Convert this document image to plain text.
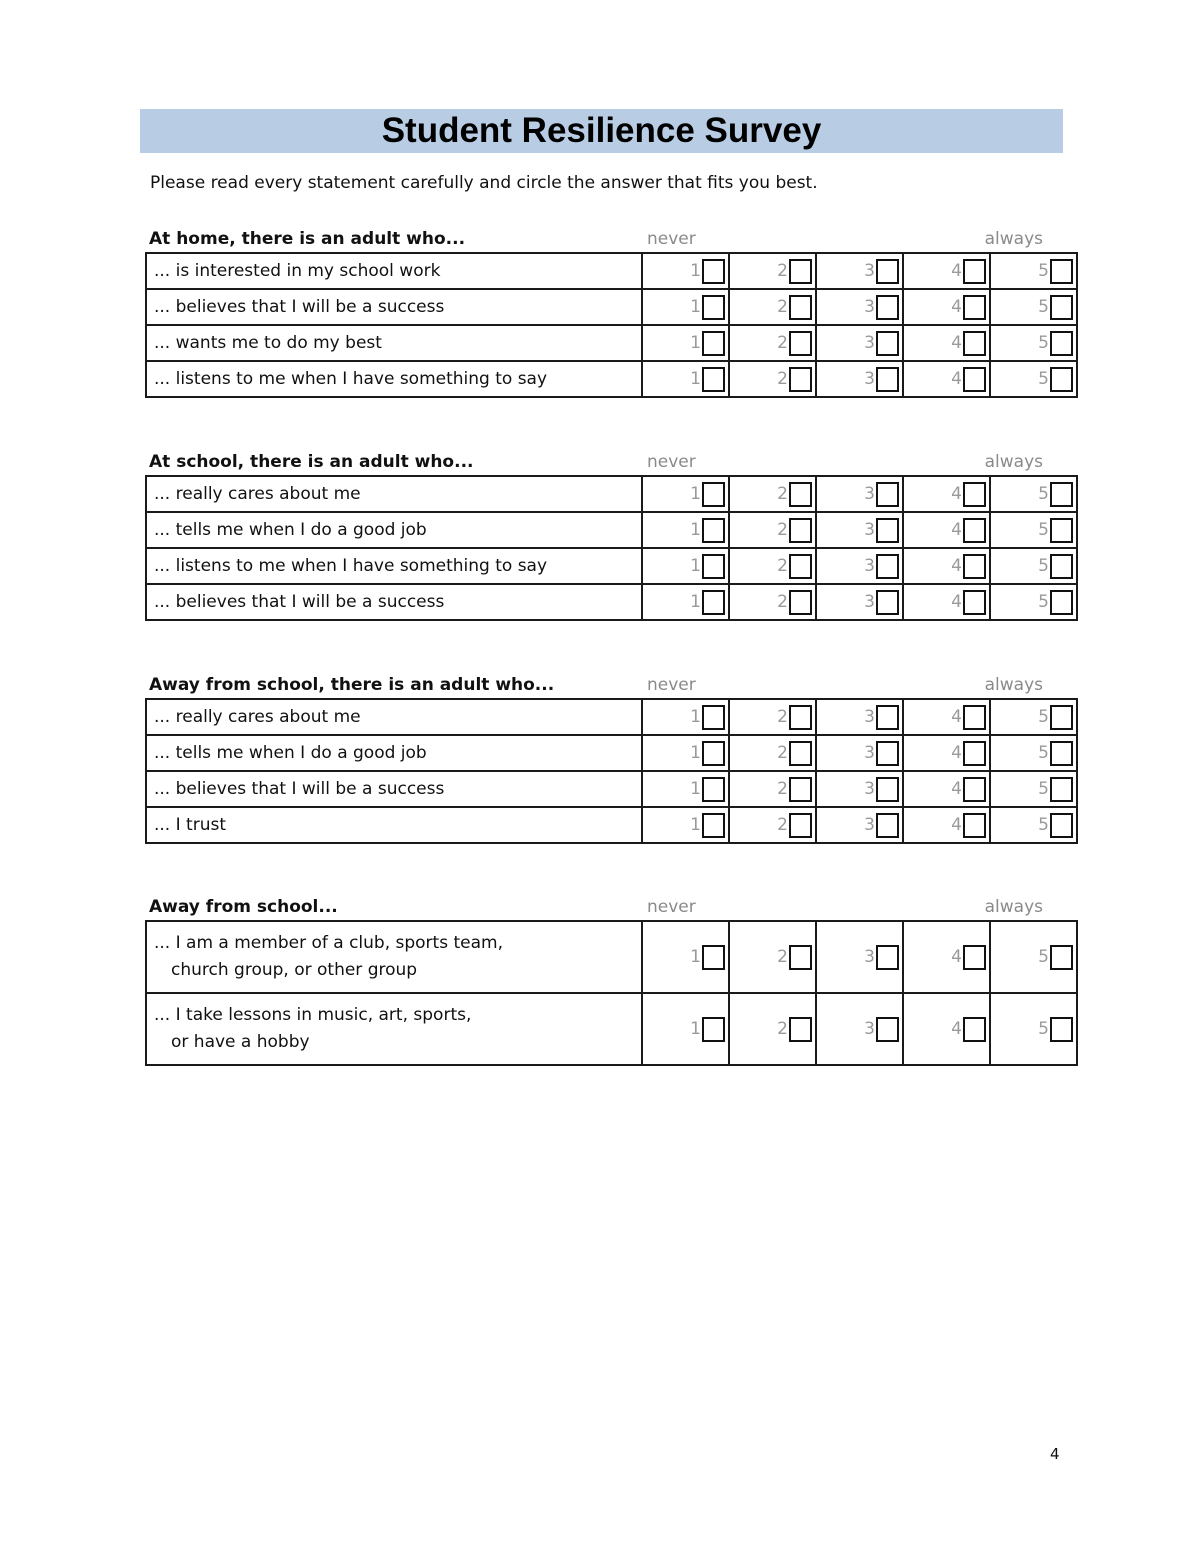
Student Resilience Survey
Please read every statement carefully and circle the answer that fits you best.
At home, there is an adult who...	never	always
... is interested in my school work	1	2	3	4	5
... believes that I will be a success	1	2	3	4	5
... wants me to do my best	1	2	3	4	5
... listens to me when I have something to say	1	2	3	4	5
At school, there is an adult who...	never	always
... really cares about me	1	2	3	4	5
... tells me when I do a good job	1	2	3	4	5
... listens to me when I have something to say	1	2	3	4	5
... believes that I will be a success	1	2	3	4	5
Away from school, there is an adult who...	never	always
... really cares about me	1	2	3	4	5
... tells me when I do a good job	1	2	3	4	5
... believes that I will be a success	1	2	3	4	5
... I trust	1	2	3	4	5
Away from school...	never	always
... I am a member of a club, sports team,
church group, or other group	1	2	3	4	5
... I take lessons in music, art, sports,
or have a hobby	1	2	3	4	5
4
